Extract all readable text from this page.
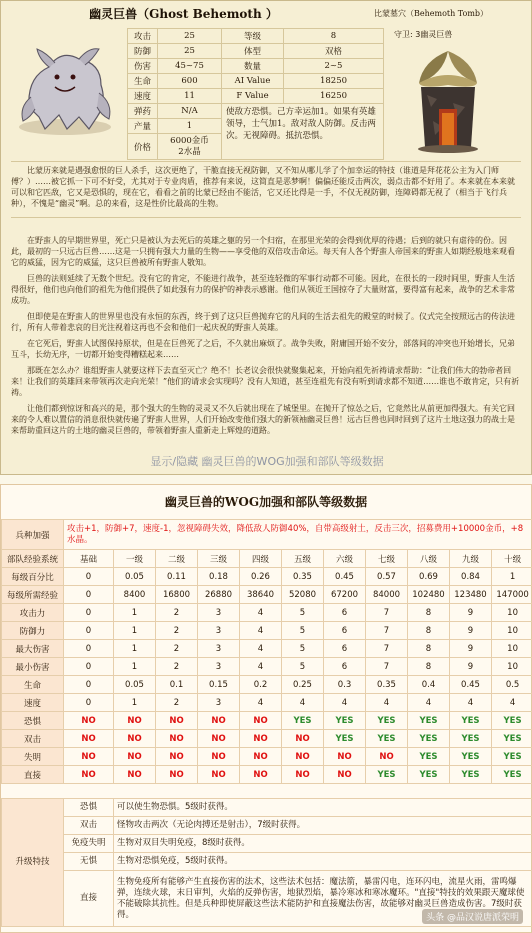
幽灵巨兽（Ghost Behemoth ）	比蒙墓穴（Behemoth Tomb）
守卫: 3幽灵巨兽
攻击	25	等级	8
防御	25	体型	双格
伤害	45~75	数量	2~5
生命	600	AI Value	18250
速度	11	F Value	16250
弹药	N/A	使敌方恐惧。己方幸运加1。如果有英雄领导，士气加1。敌对敌人防御。反击两次。无视障碍。抵抗恐惧。	
产量	1		
价格	6000金币
2水晶		

比蒙历来就是遇强愈恨的巨人杀手，这次更绝了，干脆直接无视防御，又不知从哪儿学了个加幸运的特技（谁道是拜花花公主为入门师傅？）……被它抓一下可不好受，尤其对于专业肉盾，推荐有来说，这简直是恶梦啊！偏偏还能反击两次，弱点击都不好用了。本来就在本来就可以和它匹敌，它又是恐惧的，现在它，看看之前的比蒙已经由不能活，它又还比得是一手，不仅无视防御，连障碍都无视了（相当于飞行兵种），不愧是“幽灵”啊。总的来看，这是性价比最高的生物。

在野蛮人的早期世界里，死亡只是被认为去死后的英雄之躯的另一个归宿，在那里光荣的会得到优厚的待遇；后到的就只有虐待的份。因此，最初的一只远古巨兽……这是一只拥有强大力量的生物——享受他的双倍攻击命运。每天有人各个野蛮人帝国来的野蛮人如期经般地来观看它的威猛，因为它的威猛，这只巨兽被所有野蛮人敬知。

巨兽的法则延续了无数个世纪。没有它的肯定，不能进行战争，甚至连轻微的军事行动都不可能。因此，在很长的一段时间里，野蛮人生活得很好，他们也向他们的祖先为他们提供了如此强有力的保护的神表示感谢。他们从领近王国掠夺了大量财富，要得富有起来，战争的艺术非常成功。

但即使是在野蛮人的世界里也没有永恒的东西，终于到了这只巨兽抛弃它的凡间的生活去祖先的殿堂的时候了。仪式完全按照远古的传法进行，所有人带着悲哀的目光注视着这再也不会和他们一起庆祝的野蛮人英雄。

在它死后，野蛮人试图保持原状，但是在巨兽死了之后，不久就出麻烦了。战争失败，附庸国开始不安分，部落间的冲突也开始增长，兄弟互斗，长幼无序，一切都开始变得糟糕起来……

那既在怎么办？谁组野蛮人就要这样下去直至灭亡？绝不！长老议会很快就聚集起来，开始向祖先祈祷请求帮助：“让我们伟大的勃帝者回来！让我们的英雄回来带领再次走向光荣！”他们的请求会实现吗？没有人知道，甚至连祖先有没有听到请求都不知道……谁也不敢肯定，只有祈祷。

让他们都到惊讶和高兴的是，那个强大的生物的灵灵又不久后就出现在了城堡里。在抛开了惊怂之后，它竟然比从前更加得强大。有关它回来的令人难以置信的消息很快就传遍了野蛮人世界，人们开始改变他们强大的新领袖幽灵巨兽！远古巨兽也同时回到了这片土地这强力的战士是来帮助重回这片的土地的幽灵巨兽的，带领着野蛮人重新走上辉煌的道路。

显示/隐藏 幽灵巨兽的WOG加强和部队等级数据
幽灵巨兽的WOG加强和部队等级数据
兵种加强	攻击+1，防御+7，速度-1，忽视障碍失效，降低敌人防御40%，自带高级射土，反击三次，招募费用+10000金币，+8水晶。										
部队经验系统	基础	一级	二级	三级	四级	五级	六级	七级	八级	九级	十级
每级百分比	0	0.05	0.11	0.18	0.26	0.35	0.45	0.57	0.69	0.84	1
每级所需经验	0	8400	16800	26880	38640	52080	67200	84000	102480	123480	147000
攻击力	0	1	2	3	4	5	6	7	8	9	10
防御力	0	1	2	3	4	5	6	7	8	9	10
最大伤害	0	1	2	3	4	5	6	7	8	9	10
最小伤害	0	1	2	3	4	5	6	7	8	9	10
生命	0	0.05	0.1	0.15	0.2	0.25	0.3	0.35	0.4	0.45	0.5
速度	0	1	2	3	4	4	4	4	4	4	4
恐惧	NO	NO	NO	NO	NO	YES	YES	YES	YES	YES	YES
双击	NO	NO	NO	NO	NO	NO	YES	YES	YES	YES	YES
失明	NO	NO	NO	NO	NO	NO	NO	NO	YES	YES	YES
直接	NO	NO	NO	NO	NO	NO	NO	YES	YES	YES	YES
升级特技	恐惧	可以使生物恐惧。5级时获得。
	双击	怪物攻击两次（无论肉搏还是射击），7级时获得。
	免疫失明	生物对双目失明免疫，8级时获得。
	无惧	生物对恐惧免疫，5级时获得。
	直接	生物免疫所有能够产生直接伤害的法术，这些法术包括：魔法箭，暴雷闪电，连环闪电，流星火雨，雷鸣爆弹，连续火球，末日审判，火焰的反弹伤害，地狱烈焰，暴冷寒冰和寒冰魔环。"直接"特技的效果跟天魔球使不能破除其抗性。但是兵种即使屏蔽这些法术能防护和直接魔法伤害，故能够对幽灵巨兽造成伤害。7级时获得。	头条 @品汉说唐派荣明
